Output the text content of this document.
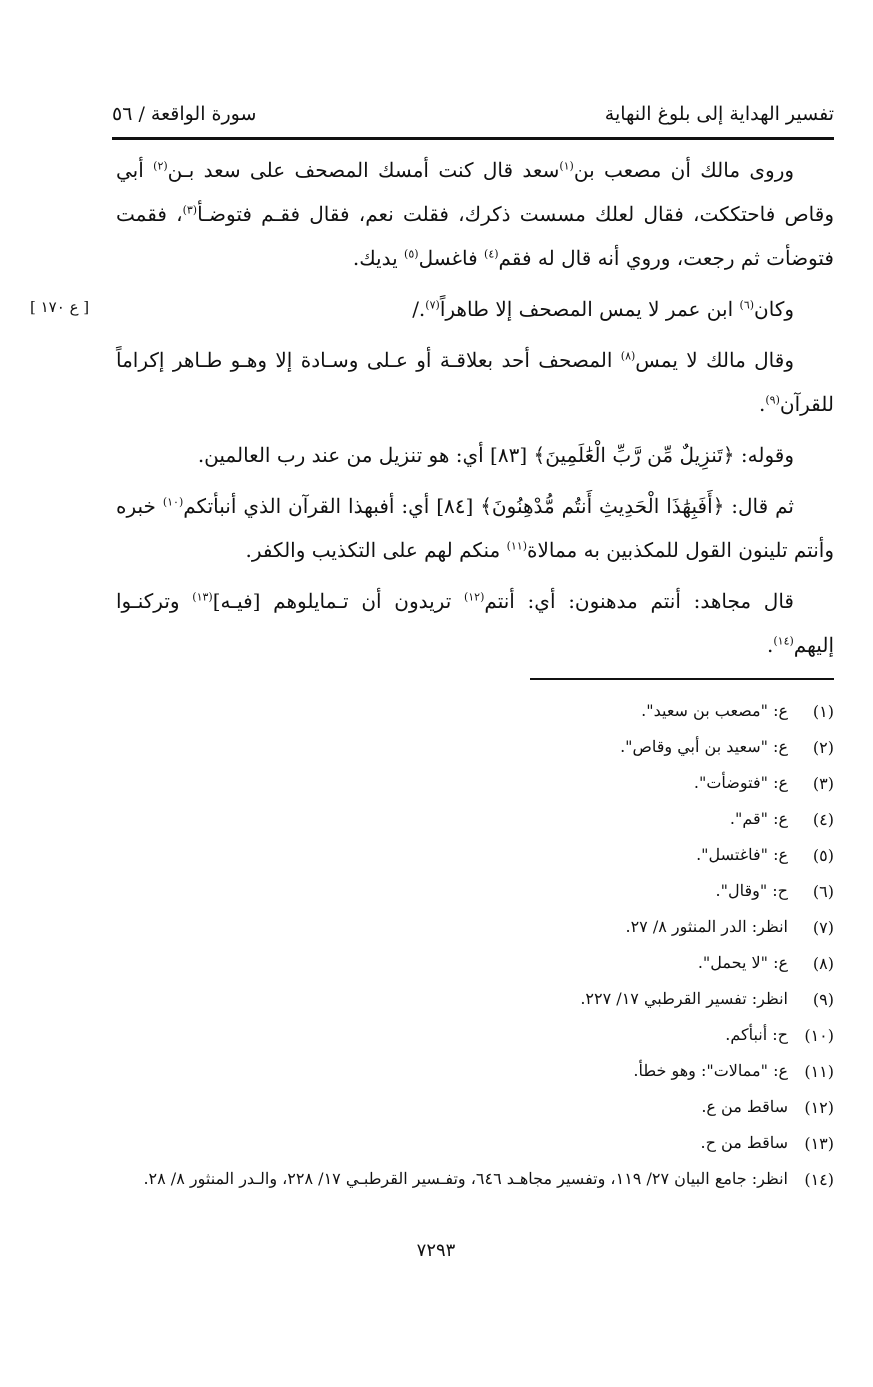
تفسير الهداية إلى بلوغ النهاية
سورة الواقعة / ٥٦
[ ع ١٧٠ ]

وروى مالك أن مصعب بن$^{(١)}$سعد قال كنت أمسك المصحف على سعد بـن$^{(٢)}$ أبي وقاص فاحتككت، فقال لعلك مسست ذكرك، فقلت نعم، فقال فقـم فتوضـأ$^{(٣)}$، فقمت فتوضأت ثم رجعت، وروي أنه قال له فقم$^{(٤)}$ فاغسل$^{(٥)}$ يديك.

وكان$^{(٦)}$ ابن عمر لا يمس المصحف إلا طاهراً$^{(٧)}$./

وقال مالك لا يمس$^{(٨)}$ المصحف أحد بعلاقـة أو عـلى وسـادة إلا وهـو طـاهر إكراماً للقرآن$^{(٩)}$.

وقوله: ﴿تَنزِيلٌ مِّن رَّبِّ الْعَٰلَمِينَ﴾ [٨٣] أي: هو تنزيل من عند رب العالمين.

ثم قال: ﴿أَفَبِهَٰذَا الْحَدِيثِ أَنتُم مُّدْهِنُونَ﴾ [٨٤] أي: أفبهذا القرآن الذي أنبأتكم$^{(١٠)}$ خبره وأنتم تلينون القول للمكذبين به ممالاة$^{(١١)}$ منكم لهم على التكذيب والكفر.

قال مجاهد: أنتم مدهنون: أي: أنتم$^{(١٢)}$ تريدون أن تـمايلوهم [فيـه]$^{(١٣)}$ وتركنـوا إليهم$^{(١٤)}$.

(١)
ع: "مصعب بن سعيد".
(٢)
ع: "سعيد بن أبي وقاص".
(٣)
ع: "فتوضأت".
(٤)
ع: "قم".
(٥)
ع: "فاغتسل".
(٦)
ح: "وقال".
(٧)
انظر: الدر المنثور ٨/ ٢٧.
(٨)
ع: "لا يحمل".
(٩)
انظر: تفسير القرطبي ١٧/ ٢٢٧.
(١٠)
ح: أنبأكم.
(١١)
ع: "ممالات": وهو خطأ.
(١٢)
ساقط من ع.
(١٣)
ساقط من ح.
(١٤)
انظر: جامع البيان ٢٧/ ١١٩، وتفسير مجاهـد ٦٤٦، وتفـسير القرطبـي ١٧/ ٢٢٨، والـدر المنثور ٨/ ٢٨.
٧٢٩٣
